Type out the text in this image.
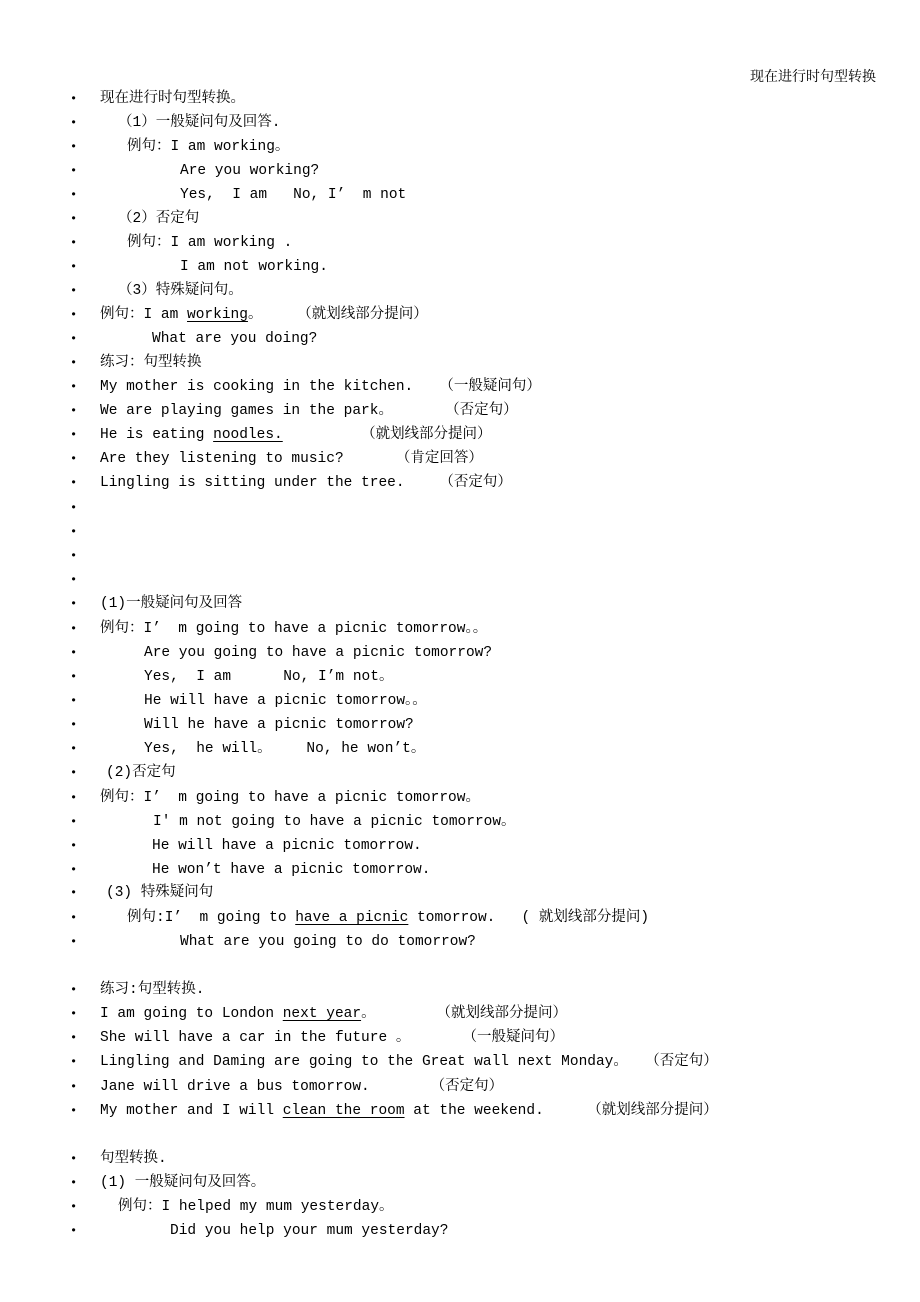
现在进行时句型转换
• 现在进行时句型转换。
•	（1）一般疑问句及回答.
•	例句：I am working。
•	Are you working?
•	Yes,  I am   No, I’  m not
•	（2）否定句
•	例句：I am working .
•	I am not working.
•	（3）特殊疑问句。
• 例句：I am working。    （就划线部分提问）
•	What are you doing?
• 练习：句型转换
• My mother is cooking in the kitchen.   （一般疑问句）
• We are playing games in the park。      （否定句）
• He is eating noodles.         （就划线部分提问）
• Are they listening to music?      （肯定回答）
• Lingling is sitting under the tree.    （否定句）
•
•
•
•
• (1)一般疑问句及回答
• 例句：I’  m going to have a picnic tomorrow。。
•	Are you going to have a picnic tomorrow?
•	Yes,  I am      No, I’m not。
•	He will have a picnic tomorrow。。
•	Will he have a picnic tomorrow?
•	Yes,  he will。    No, he won’t。
• (2)否定句
• 例句：I’  m going to have a picnic tomorrow。
•	I' m not going to have a picnic tomorrow。
•	He will have a picnic tomorrow.
•	He won’t have a picnic tomorrow.
• (3) 特殊疑问句
•	例句:I’  m going to have a picnic tomorrow.   ( 就划线部分提问)
•	What are you going to do tomorrow?
• 练习:句型转换.
• I am going to London next year。       （就划线部分提问）
• She will have a car in the future 。      （一般疑问句）
• Lingling and Daming are going to the Great wall next Monday。  （否定句）
• Jane will drive a bus tomorrow.       （否定句）
• My mother and I will clean the room at the weekend.     （就划线部分提问）
• 句型转换.
• (1) 一般疑问句及回答。
•	例句：I helped my mum yesterday。
•	Did you help your mum yesterday?
